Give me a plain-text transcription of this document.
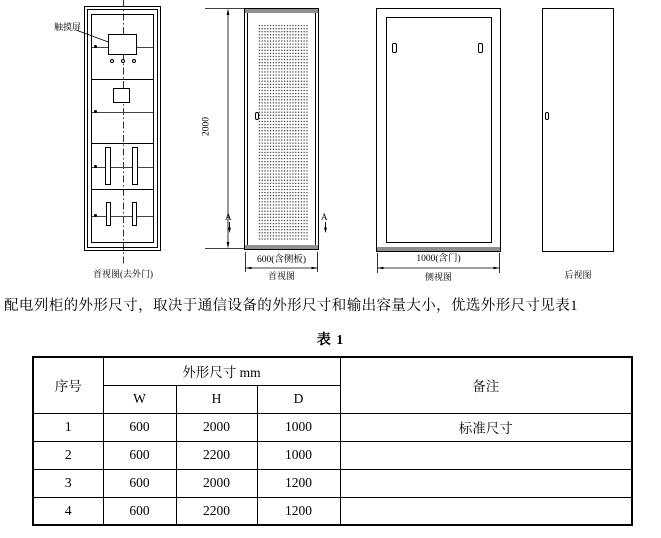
触摸屏
首视图(去外门)
2000
A	A
600(含侧板)
首视图
1000(含门)
侧视图	后视图
配电列柜的外形尺寸，取决于通信设备的外形尺寸和输出容量大小，优选外形尺寸见表1
表 1
序号	外形尺寸 mm			备注
	W	H	D	
1	600	2000	1000	标准尺寸
2	600	2200	1000	
3	600	2000	1200	
4	600	2200	1200	
